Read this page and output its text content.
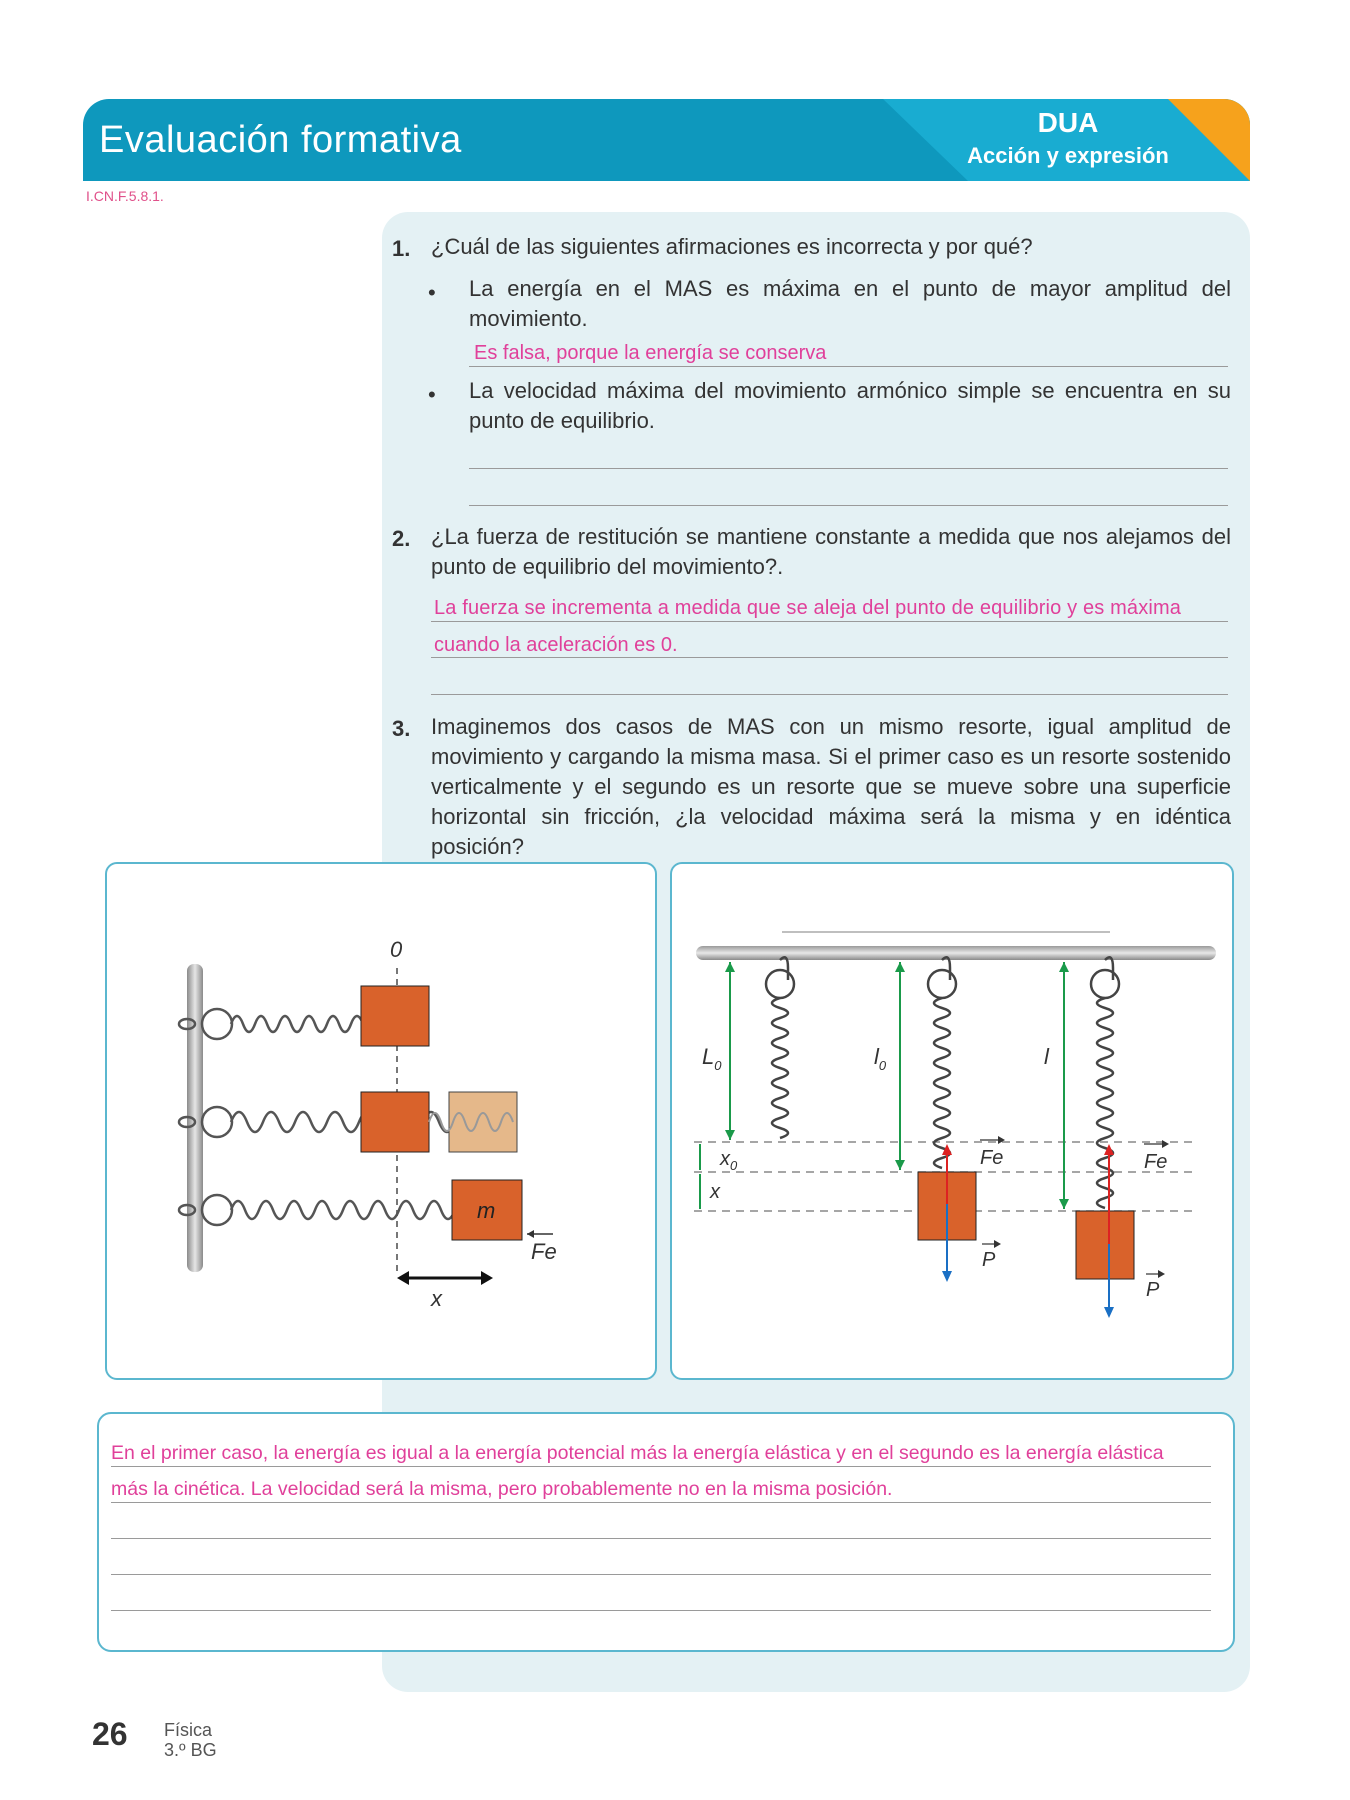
Evaluación formativa	DUA
Acción y expresión
I.CN.F.5.8.1.
1. ¿Cuál de las siguientes afirmaciones es incorrecta y por qué?
• La energía en el MAS es máxima en el punto de mayor amplitud del movimiento.
Es falsa, porque la energía se conserva
• La velocidad máxima del movimiento armónico simple se encuentra en su punto de equilibrio.
2. ¿La fuerza de restitución se mantiene constante a medida que nos alejamos del punto de equilibrio del movimiento?.
La fuerza se incrementa a medida que se aleja del punto de equilibrio y es máxima
cuando la aceleración es 0.
3. Imaginemos dos casos de MAS con un mismo resorte, igual amplitud de movimiento y cargando la misma masa. Si el primer caso es un resorte sostenido verticalmente y el segundo es un resorte que se mueve sobre una superficie horizontal sin fricción, ¿la velocidad máxima será la misma y en idéntica posición?
0
m
Fe
x
$L_0$	$l_0$	l
$x_0$
x
Fe
P
Fe
P
En el primer caso, la energía es igual a la energía potencial más la energía elástica y en el segundo es la energía elástica
más la cinética. La velocidad será la misma, pero probablemente no en la misma posición.
26 Física
3.º BG
